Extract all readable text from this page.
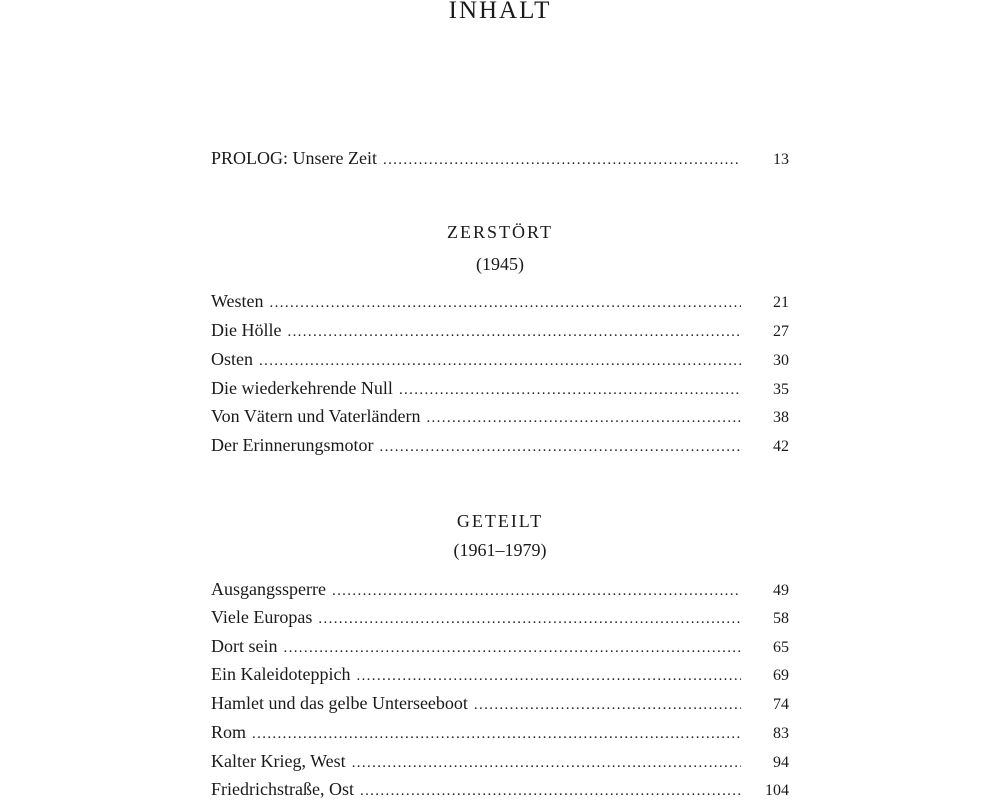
INHALT
PROLOG: Unsere Zeit . . .	13
ZERSTÖRT
(1945)
Westen . . .	21
Die Hölle . . .	27
Osten . . .	30
Die wiederkehrende Null . . .	35
Von Vätern und Vaterländern . . .	38
Der Erinnerungsmotor . . .	42
GETEILT
(1961–1979)
Ausgangssperre . . .	49
Viele Europas . . .	58
Dort sein . . .	65
Ein Kaleidoteppich . . .	69
Hamlet und das gelbe Unterseeboot . . .	74
Rom . . .	83
Kalter Krieg, West . . .	94
Friedrichstraße, Ost . . .	104
